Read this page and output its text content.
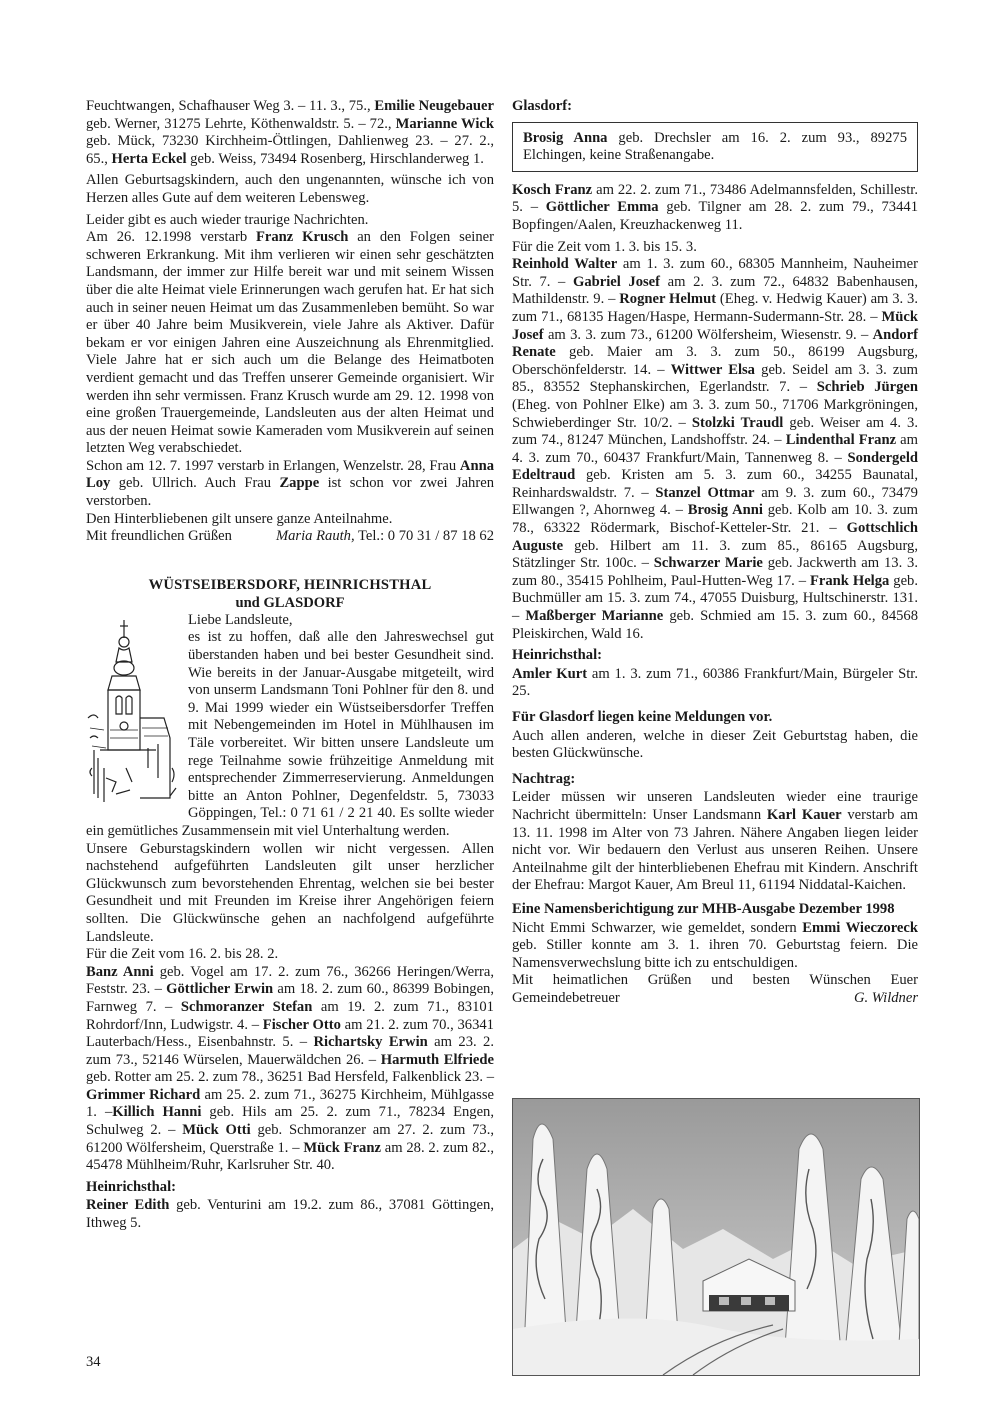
Feuchtwangen, Schafhauser Weg 3. – 11. 3., 75., Emilie Neugebauer geb. Werner, 31275 Lehrte, Köthenwaldstr. 5. – 72., Marianne Wick geb. Mück, 73230 Kirchheim-Öttlingen, Dahlienweg 23. – 27. 2., 65., Herta Eckel geb. Weiss, 73494 Rosenberg, Hirschlanderweg 1.

Allen Geburtsagskindern, auch den ungenannten, wünsche ich von Herzen alles Gute auf dem weiteren Lebensweg.

Leider gibt es auch wieder traurige Nachrichten.

Am 26. 12.1998 verstarb Franz Krusch an den Folgen seiner schweren Erkrankung. Mit ihm verlieren wir einen sehr geschätzten Landsmann, der immer zur Hilfe bereit war und mit seinem Wissen über die alte Heimat viele Erinnerungen wach gerufen hat. Er hat sich auch in seiner neuen Heimat um das Zusammenleben bemüht. So war er über 40 Jahre beim Musikverein, viele Jahre als Aktiver. Dafür bekam er vor einigen Jahren eine Auszeichnung als Ehrenmitglied. Viele Jahre hat er sich auch um die Belange des Heimatboten verdient gemacht und das Treffen unserer Gemeinde organisiert. Wir werden ihn sehr vermissen. Franz Krusch wurde am 29. 12. 1998 von eine großen Trauergemeinde, Landsleuten aus der alten Heimat und aus der neuen Heimat sowie Kameraden vom Musikverein auf seinen letzten Weg verabschiedet.

Schon am 12. 7. 1997 verstarb in Erlangen, Wenzelstr. 28, Frau Anna Loy geb. Ullrich. Auch Frau Zappe ist schon vor zwei Jahren verstorben.

Den Hinterbliebenen gilt unsere ganze Anteilnahme.

Mit freundlichen Grüßen	Maria Rauth, Tel.: 0 70 31 / 87 18 62

WÜSTSEIBERSDORF, HEINRICHSTHAL
und GLASDORF

Liebe Landsleute,

es ist zu hoffen, daß alle den Jahreswechsel gut überstanden haben und bei bester Gesundheit sind. Wie bereits in der Januar-Ausgabe mitgeteilt, wird von unserm Landsmann Toni Pohlner für den 8. und 9. Mai 1999 wieder ein Wüstseibersdorfer Treffen mit Nebengemeinden im Hotel in Mühlhausen im Täle vorbereitet. Wir bitten unsere Landsleute um rege Teilnahme sowie frühzeitige Anmeldung mit entsprechender Zimmerreservierung. Anmeldungen bitte an Anton Pohlner, Degenfeldstr. 5, 73033 Göppingen, Tel.: 0 71 61 / 2 21 40. Es sollte wieder ein gemütliches Zusammensein mit viel Unterhaltung werden.

Unsere Geburstagskindern wollen wir nicht vergessen. Allen nachstehend aufgeführten Landsleuten gilt unser herzlicher Glückwunsch zum bevorstehenden Ehrentag, welchen sie bei bester Gesundheit und mit Freunden im Kreise ihrer Angehörigen feiern sollten. Die Glückwünsche gehen an nachfolgend aufgeführte Landsleute.

Für die Zeit vom 16. 2. bis 28. 2.

Banz Anni geb. Vogel am 17. 2. zum 76., 36266 Heringen/Werra, Feststr. 23. – Göttlicher Erwin am 18. 2. zum 60., 86399 Bobingen, Farnweg 7. – Schmoranzer Stefan am 19. 2. zum 71., 83101 Rohrdorf/Inn, Ludwigstr. 4. – Fischer Otto am 21. 2. zum 70., 36341 Lauterbach/Hess., Eisenbahnstr. 5. – Richartsky Erwin am 23. 2. zum 73., 52146 Würselen, Mauerwäldchen 26. – Harmuth Elfriede geb. Rotter am 25. 2. zum 78., 36251 Bad Hersfeld, Falkenblick 23. – Grimmer Richard am 25. 2. zum 71., 36275 Kirchheim, Mühlgasse 1. –Killich Hanni geb. Hils am 25. 2. zum 71., 78234 Engen, Schulweg 2. – Mück Otti geb. Schmoranzer am 27. 2. zum 73., 61200 Wölfersheim, Querstraße 1. – Mück Franz am 28. 2. zum 82., 45478 Mühlheim/Ruhr, Karlsruher Str. 40.

Heinrichsthal:

Reiner Edith geb. Venturini am 19.2. zum 86., 37081 Göttingen, Ithweg 5.

Glasdorf:
Brosig Anna geb. Drechsler am 16. 2. zum 93., 89275 Elchingen, keine Straßenangabe.

Kosch Franz am 22. 2. zum 71., 73486 Adelmannsfelden, Schillestr. 5. – Göttlicher Emma geb. Tilgner am 28. 2. zum 79., 73441 Bopfingen/Aalen, Kreuzhackenweg 11.

Für die Zeit vom 1. 3. bis 15. 3.

Reinhold Walter am 1. 3. zum 60., 68305 Mannheim, Nauheimer Str. 7. – Gabriel Josef am 2. 3. zum 72., 64832 Babenhausen, Mathildenstr. 9. – Rogner Helmut (Eheg. v. Hedwig Kauer) am 3. 3. zum 71., 68135 Hagen/Haspe, Hermann-Sudermann-Str. 28. – Mück Josef am 3. 3. zum 73., 61200 Wölfersheim, Wiesenstr. 9. – Andorf Renate geb. Maier am 3. 3. zum 50., 86199 Augsburg, Oberschönfelderstr. 14. – Wittwer Elsa geb. Seidel am 3. 3. zum 85., 83552 Stephanskirchen, Egerlandstr. 7. – Schrieb Jürgen (Eheg. von Pohlner Elke) am 3. 3. zum 50., 71706 Markgröningen, Schwieberdinger Str. 10/2. – Stolzki Traudl geb. Weiser am 4. 3. zum 74., 81247 München, Landshoffstr. 24. – Lindenthal Franz am 4. 3. zum 70., 60437 Frankfurt/Main, Tannenweg 8. – Sondergeld Edeltraud geb. Kristen am 5. 3. zum 60., 34255 Baunatal, Reinhardswaldstr. 7. – Stanzel Ottmar am 9. 3. zum 60., 73479 Ellwangen ?, Ahornweg 4. – Brosig Anni geb. Kolb am 10. 3. zum 78., 63322 Rödermark, Bischof-Ketteler-Str. 21. – Gottschlich Auguste geb. Hilbert am 11. 3. zum 85., 86165 Augsburg, Stätzlinger Str. 100c. – Schwarzer Marie geb. Jackwerth am 13. 3. zum 80., 35415 Pohlheim, Paul-Hutten-Weg 17. – Frank Helga geb. Buchmüller am 15. 3. zum 74., 47055 Duisburg, Hultschinerstr. 131. – Maßberger Marianne geb. Schmied am 15. 3. zum 60., 84568 Pleiskirchen, Wald 16.

Heinrichsthal:

Amler Kurt am 1. 3. zum 71., 60386 Frankfurt/Main, Bürgeler Str. 25.

Für Glasdorf liegen keine Meldungen vor.

Auch allen anderen, welche in dieser Zeit Geburtstag haben, die besten Glückwünsche.

Nachtrag:

Leider müssen wir unseren Landsleuten wieder eine traurige Nachricht übermitteln: Unser Landsmann Karl Kauer verstarb am 13. 11. 1998 im Alter von 73 Jahren. Nähere Angaben liegen leider nicht vor. Wir bedauern den Verlust aus unseren Reihen. Unsere Anteilnahme gilt der hinterbliebenen Ehefrau mit Kindern. Anschrift der Ehefrau: Margot Kauer, Am Breul 11, 61194 Niddatal-Kaichen.

Eine Namensberichtigung zur MHB-Ausgabe Dezember 1998

Nicht Emmi Schwarzer, wie gemeldet, sondern Emmi Wieczoreck geb. Stiller konnte am 3. 1. ihren 70. Geburtstag feiern. Die Namensverwechslung bitte ich zu entschuldigen.

Mit heimatlichen Grüßen und besten Wünschen Euer Gemeindebetreuer	G. Wildner
34
